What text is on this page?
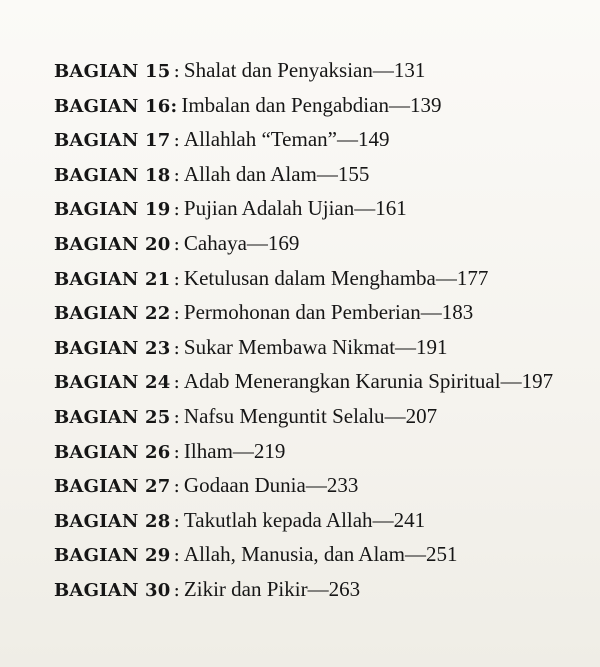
BAGIAN 15 : Shalat dan Penyaksian — 131
BAGIAN 16: Imbalan dan Pengabdian — 139
BAGIAN 17 : Allahlah “Teman” — 149
BAGIAN 18 : Allah dan Alam — 155
BAGIAN 19 : Pujian Adalah Ujian — 161
BAGIAN 20 : Cahaya — 169
BAGIAN 21 : Ketulusan dalam Menghamba — 177
BAGIAN 22 : Permohonan dan Pemberian — 183
BAGIAN 23 : Sukar Membawa Nikmat — 191
BAGIAN 24 : Adab Menerangkan Karunia Spiritual — 197
BAGIAN 25 : Nafsu Menguntit Selalu — 207
BAGIAN 26 : Ilham — 219
BAGIAN 27 : Godaan Dunia — 233
BAGIAN 28 : Takutlah kepada Allah — 241
BAGIAN 29 : Allah, Manusia, dan Alam — 251
BAGIAN 30 : Zikir dan Pikir — 263
